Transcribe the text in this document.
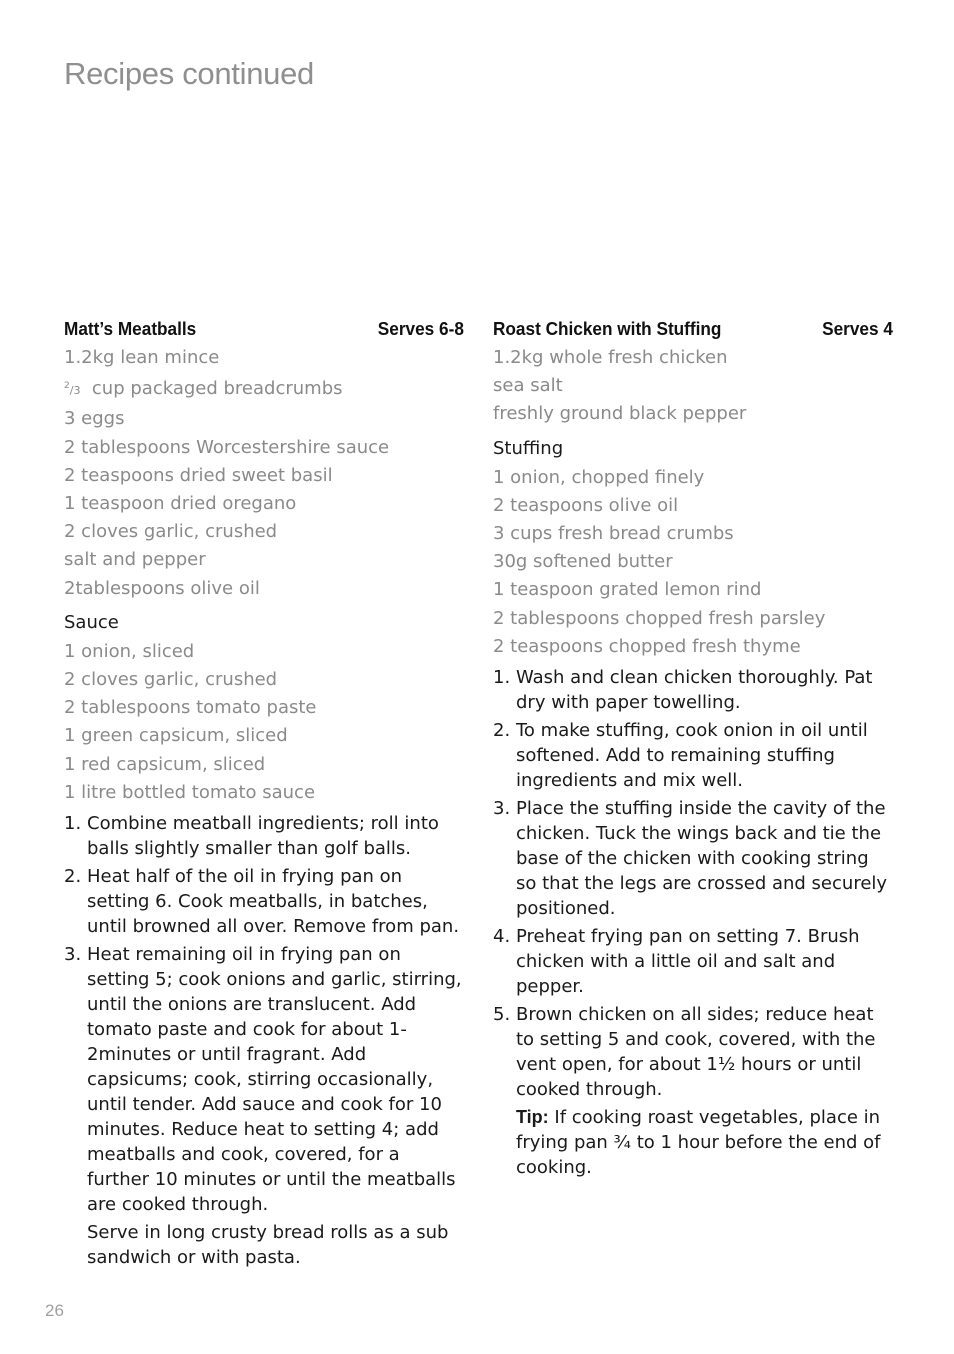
Recipes continued
Matt’s Meatballs	Serves 6-8
1.2kg lean mince
$^2$/3 cup packaged breadcrumbs
3 eggs
2 tablespoons Worcestershire sauce
2 teaspoons dried sweet basil
1 teaspoon dried oregano
2 cloves garlic, crushed
salt and pepper
2tablespoons olive oil
Sauce
1 onion, sliced
2 cloves garlic, crushed
2 tablespoons tomato paste
1 green capsicum, sliced
1 red capsicum, sliced
1 litre bottled tomato sauce
1. Combine meatball ingredients; roll into balls slightly smaller than golf balls.
2. Heat half of the oil in frying pan on setting 6. Cook meatballs, in batches, until browned all over. Remove from pan.
3. Heat remaining oil in frying pan on setting 5; cook onions and garlic, stirring, until the onions are translucent. Add tomato paste and cook for about 1-2minutes or until fragrant. Add capsicums; cook, stirring occasionally, until tender. Add sauce and cook for 10 minutes. Reduce heat to setting 4; add meatballs and cook, covered, for a further 10 minutes or until the meatballs are cooked through.
Serve in long crusty bread rolls as a sub sandwich or with pasta.
Roast Chicken with Stuffing	Serves 4
1.2kg whole fresh chicken
sea salt
freshly ground black pepper
Stuffing
1 onion, chopped finely
2 teaspoons olive oil
3 cups fresh bread crumbs
30g softened butter
1 teaspoon grated lemon rind
2 tablespoons chopped fresh parsley
2 teaspoons chopped fresh thyme
1. Wash and clean chicken thoroughly. Pat dry with paper towelling.
2. To make stuffing, cook onion in oil until softened. Add to remaining stuffing ingredients and mix well.
3. Place the stuffing inside the cavity of the chicken. Tuck the wings back and tie the base of the chicken with cooking string so that the legs are crossed and securely positioned.
4. Preheat frying pan on setting 7. Brush chicken with a little oil and salt and pepper.
5. Brown chicken on all sides; reduce heat to setting 5 and cook, covered, with the vent open, for about 1½ hours or until cooked through.
Tip: If cooking roast vegetables, place in frying pan ¾ to 1 hour before the end of cooking.
26
